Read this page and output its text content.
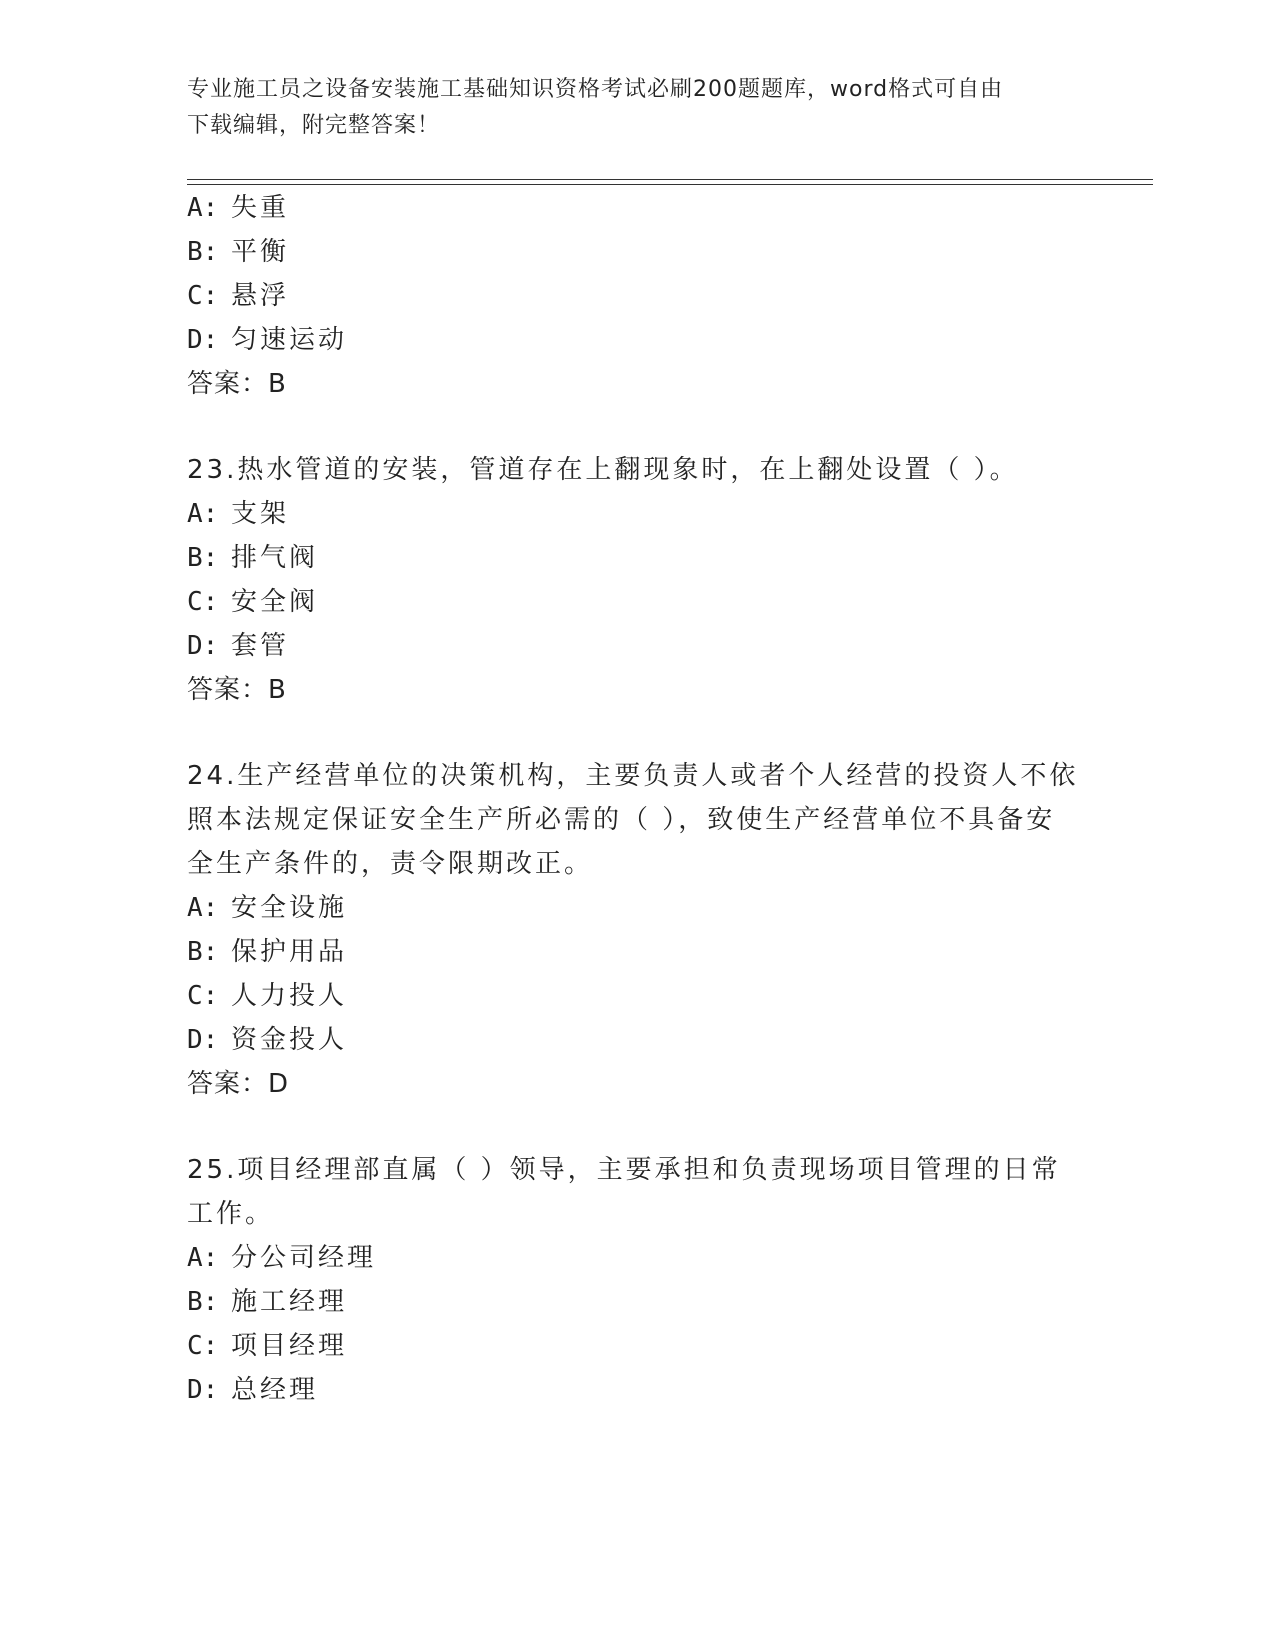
专业施工员之设备安装施工基础知识资格考试必刷200题题库，word格式可自由
下载编辑，附完整答案！
A: 失重
B: 平衡
C: 悬浮
D: 匀速运动
答案：B
23.热水管道的安装，管道存在上翻现象时，在上翻处设置（ ）。
A: 支架
B: 排气阀
C: 安全阀
D: 套管
答案：B
24.生产经营单位的决策机构，主要负责人或者个人经营的投资人不依
照本法规定保证安全生产所必需的（ ），致使生产经营单位不具备安
全生产条件的，责令限期改正。
A: 安全设施
B: 保护用品
C: 人力投人
D: 资金投人
答案：D
25.项目经理部直属（ ）领导，主要承担和负责现场项目管理的日常
工作。
A: 分公司经理
B: 施工经理
C: 项目经理
D: 总经理
